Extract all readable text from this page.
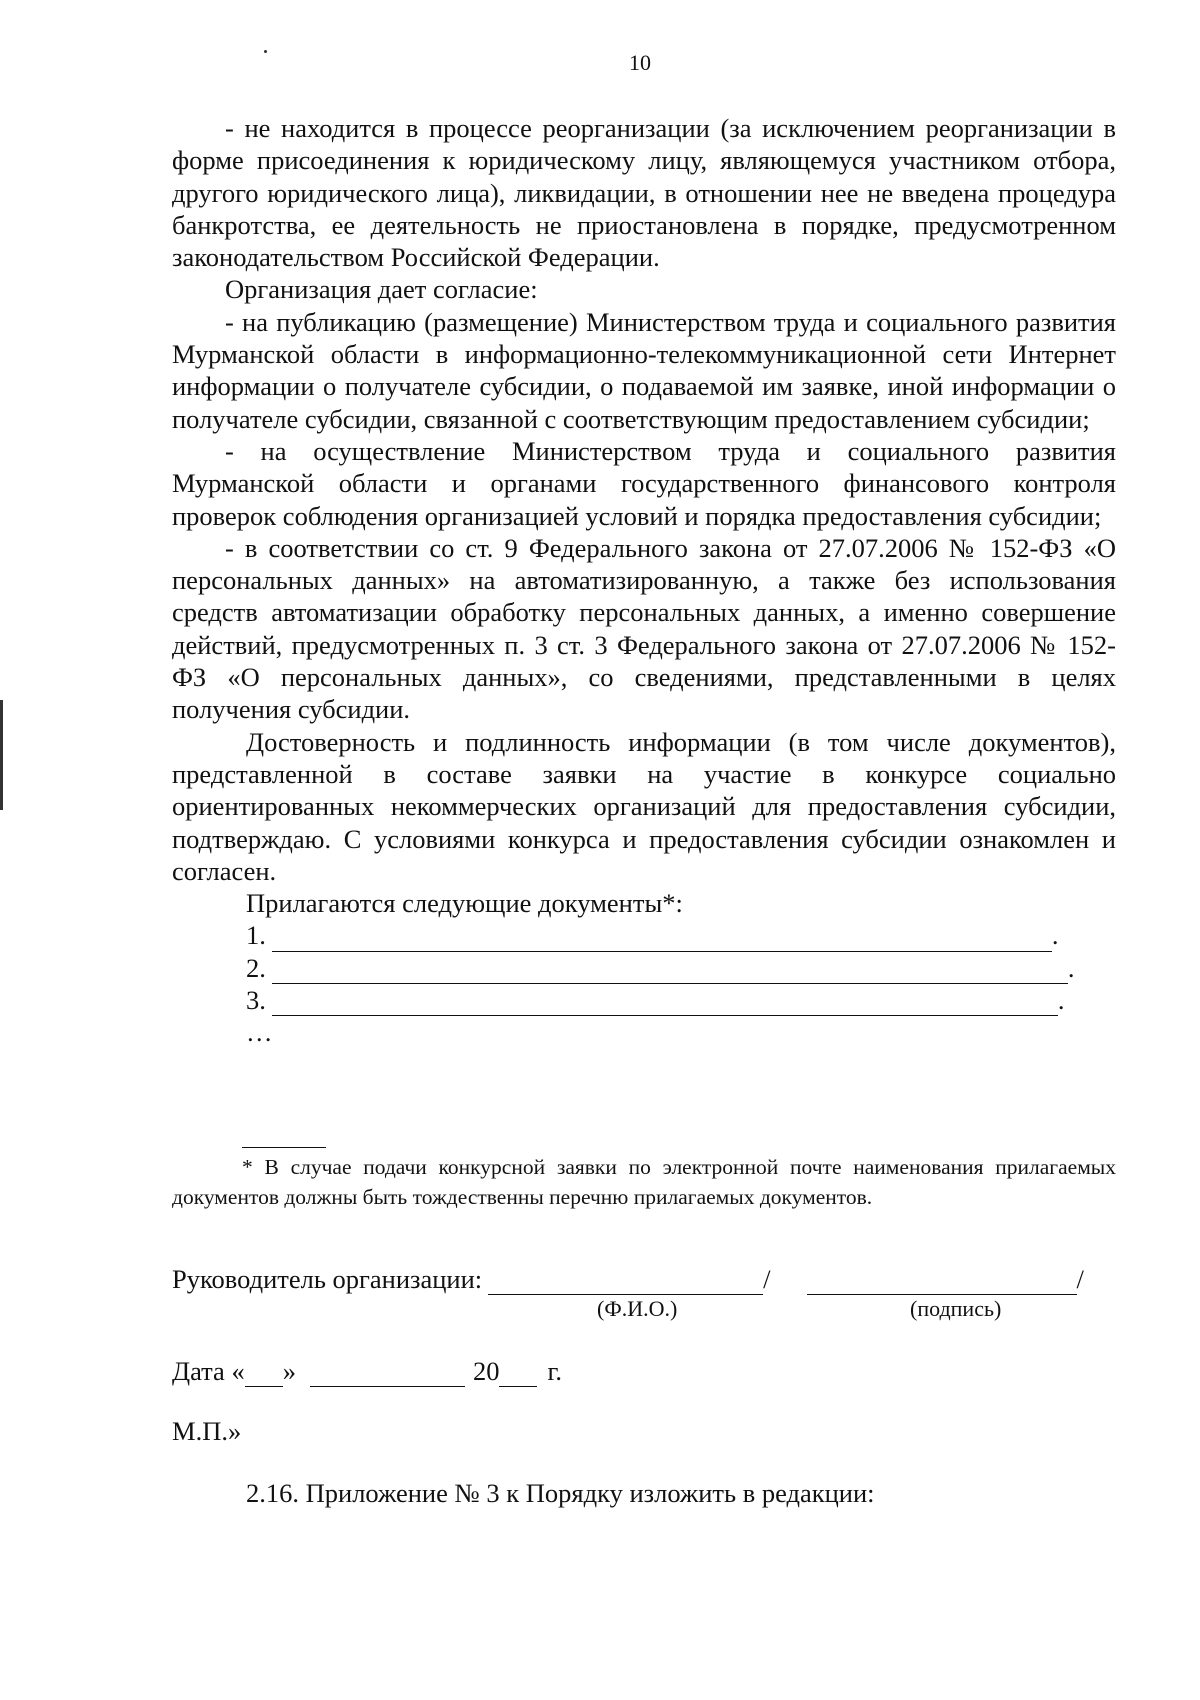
10

- не находится в процессе реорганизации (за исключением реорганизации в форме присоединения к юридическому лицу, являющемуся участником отбора, другого юридического лица), ликвидации, в отношении нее не введена процедура банкротства, ее деятельность не приостановлена в порядке, предусмотренном законодательством Российской Федерации.

Организация дает согласие:

- на публикацию (размещение) Министерством труда и социального развития Мурманской области в информационно-телекоммуникационной сети Интернет информации о получателе субсидии, о подаваемой им заявке, иной информации о получателе субсидии, связанной с соответствующим предоставлением субсидии;

- на осуществление Министерством труда и социального развития Мурманской области и органами государственного финансового контроля проверок соблюдения организацией условий и порядка предоставления субсидии;

- в соответствии со ст. 9 Федерального закона от 27.07.2006 № 152-ФЗ «О персональных данных» на автоматизированную, а также без использования средств автоматизации обработку персональных данных, а именно совершение действий, предусмотренных п. 3 ст. 3 Федерального закона от 27.07.2006 № 152-ФЗ «О персональных данных», со сведениями, представленными в целях получения субсидии.

Достоверность и подлинность информации (в том числе документов), представленной в составе заявки на участие в конкурсе социально ориентированных некоммерческих организаций для предоставления субсидии, подтверждаю. С условиями конкурса и предоставления субсидии ознакомлен и согласен.

Прилагаются следующие документы*:

1.	.
2.	.
3.	.
…

* В случае подачи конкурсной заявки по электронной почте наименования прилагаемых документов должны быть тождественны перечню прилагаемых документов.

Руководитель организации:	/	/
(Ф.И.О.)	(подпись)
Дата « »	20 г.
М.П.»
2.16. Приложение № 3 к Порядку изложить в редакции:
